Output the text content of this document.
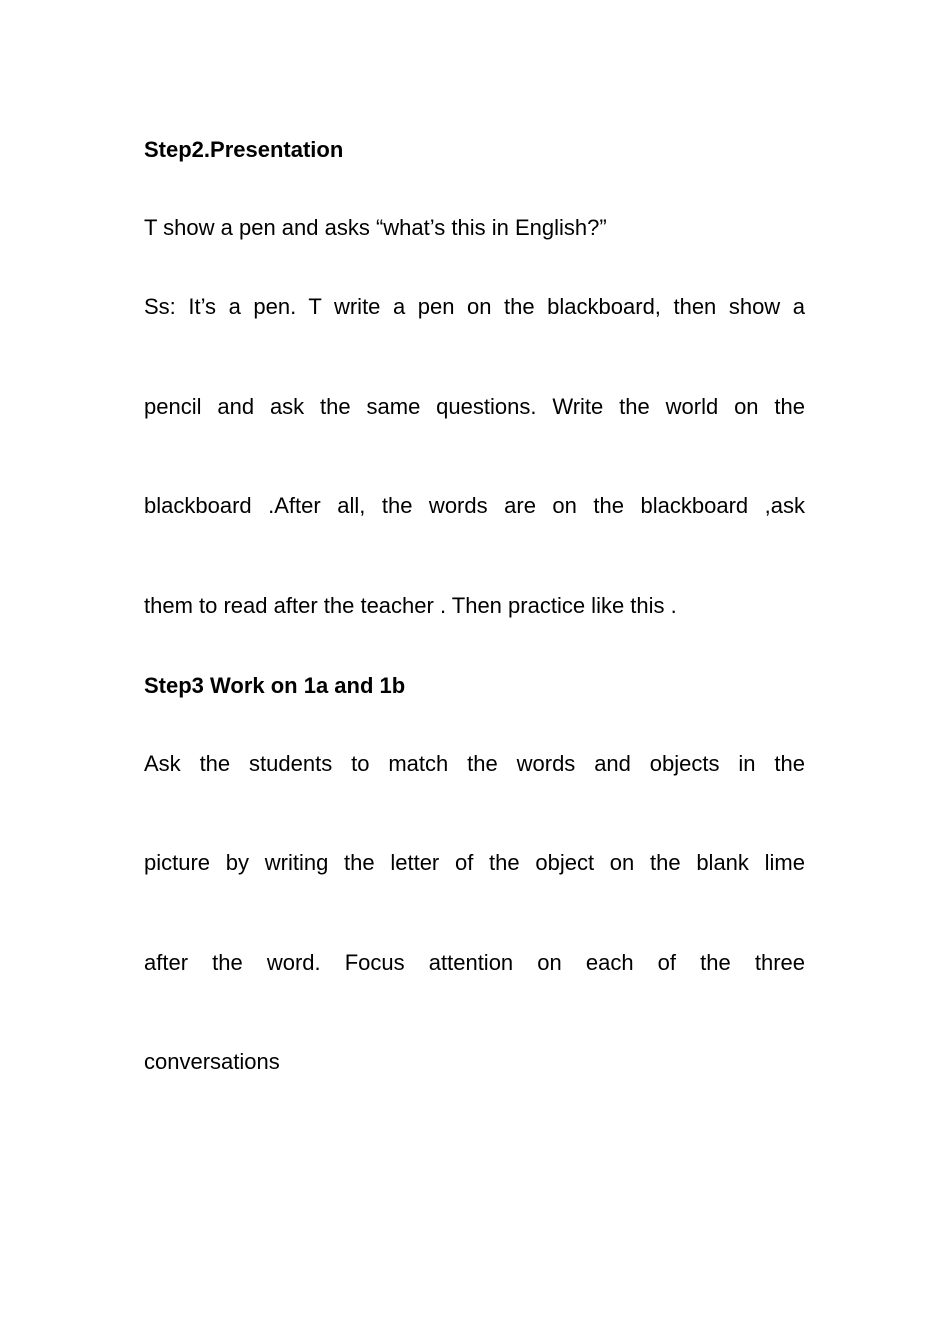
Step2.Presentation
T show a pen and asks “what’s this in English?”
Ss: It’s a pen. T write a pen on the blackboard, then show a
pencil and ask the same questions. Write the world on the
blackboard .After all, the words are on the blackboard ,ask
them to read after the teacher . Then practice like this .
Step3 Work on 1a and 1b
Ask the students to match the words and objects in the
picture by writing the letter of the object on the blank lime
after the word. Focus attention on each of the three
conversations
